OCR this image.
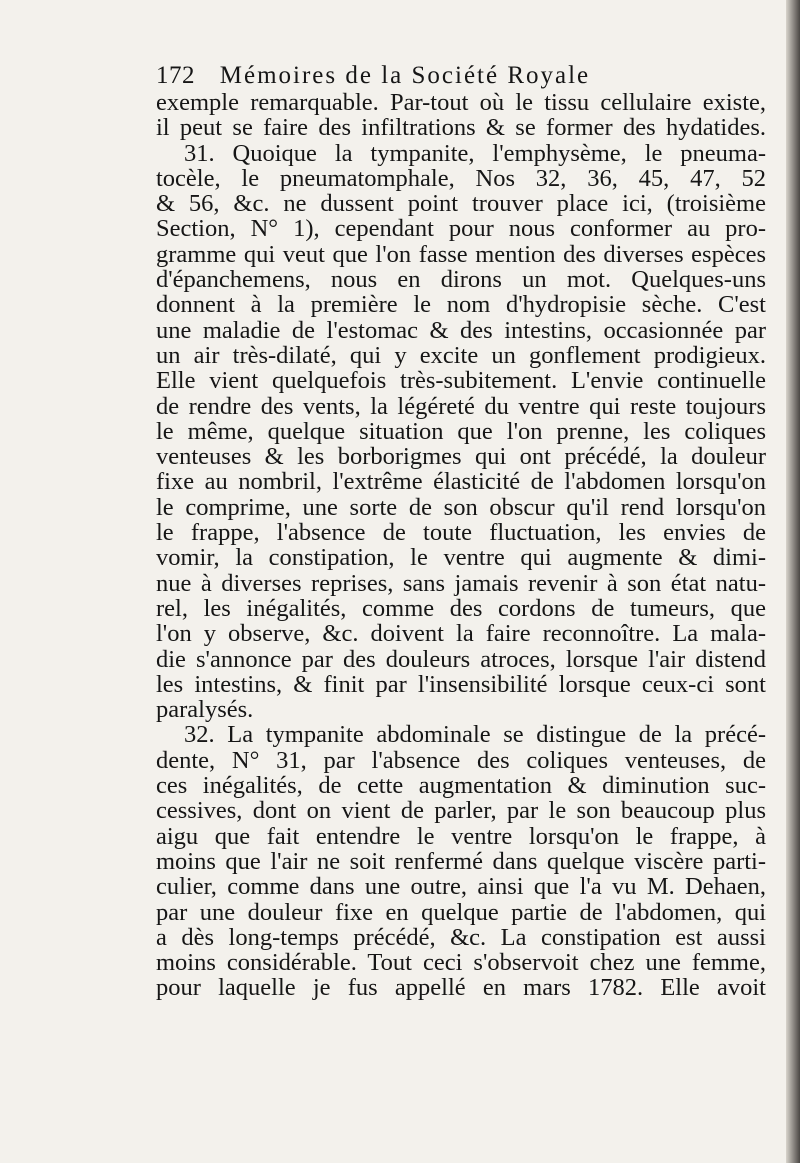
172 Mémoires de la Société Royale
exemple remarquable. Par-tout où le tissu cellulaire existe,
il peut se faire des infiltrations & se former des hydatides.
31. Quoique la tympanite, l'emphysème, le pneuma-
tocèle, le pneumatomphale, Nos 32, 36, 45, 47, 52
& 56, &c. ne dussent point trouver place ici, (troisième
Section, N° 1), cependant pour nous conformer au pro-
gramme qui veut que l'on fasse mention des diverses espèces
d'épanchemens, nous en dirons un mot. Quelques-uns
donnent à la première le nom d'hydropisie sèche. C'est
une maladie de l'estomac & des intestins, occasionnée par
un air très-dilaté, qui y excite un gonflement prodigieux.
Elle vient quelquefois très-subitement. L'envie continuelle
de rendre des vents, la légéreté du ventre qui reste toujours
le même, quelque situation que l'on prenne, les coliques
venteuses & les borborigmes qui ont précédé, la douleur
fixe au nombril, l'extrême élasticité de l'abdomen lorsqu'on
le comprime, une sorte de son obscur qu'il rend lorsqu'on
le frappe, l'absence de toute fluctuation, les envies de
vomir, la constipation, le ventre qui augmente & dimi-
nue à diverses reprises, sans jamais revenir à son état natu-
rel, les inégalités, comme des cordons de tumeurs, que
l'on y observe, &c. doivent la faire reconnoître. La mala-
die s'annonce par des douleurs atroces, lorsque l'air distend
les intestins, & finit par l'insensibilité lorsque ceux-ci sont
paralysés.
32. La tympanite abdominale se distingue de la précé-
dente, N° 31, par l'absence des coliques venteuses, de
ces inégalités, de cette augmentation & diminution suc-
cessives, dont on vient de parler, par le son beaucoup plus
aigu que fait entendre le ventre lorsqu'on le frappe, à
moins que l'air ne soit renfermé dans quelque viscère parti-
culier, comme dans une outre, ainsi que l'a vu M. Dehaen,
par une douleur fixe en quelque partie de l'abdomen, qui
a dès long-temps précédé, &c. La constipation est aussi
moins considérable. Tout ceci s'observoit chez une femme,
pour laquelle je fus appellé en mars 1782. Elle avoit
